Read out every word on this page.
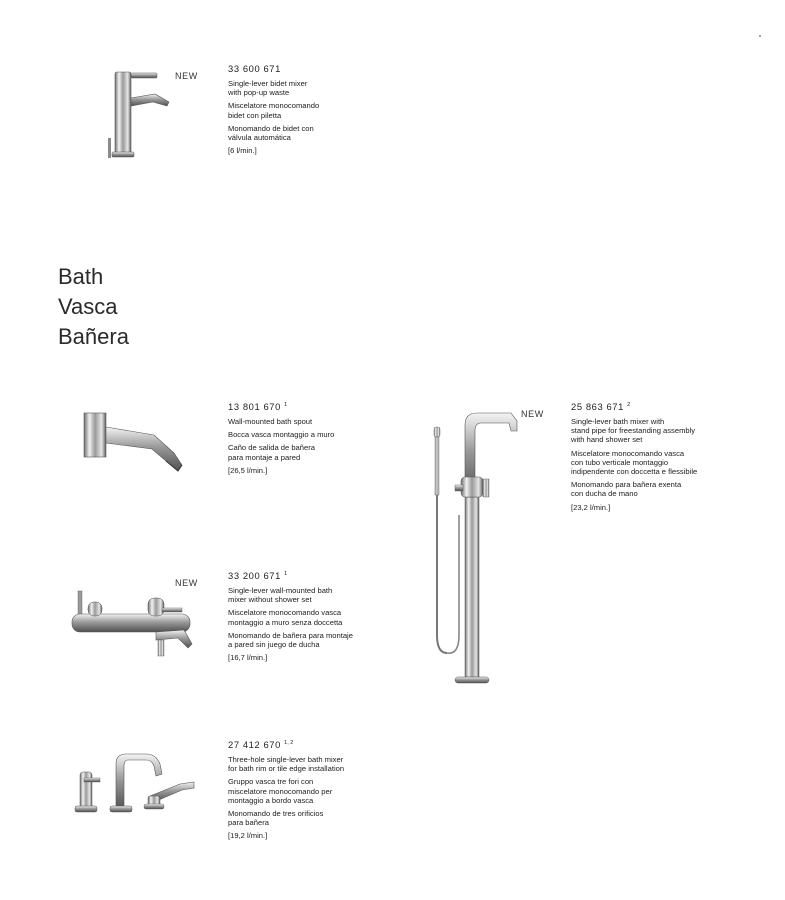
NEW
33 600 671
Single-lever bidet mixer
with pop-up waste
Miscelatore monocomando
bidet con piletta
Monomando de bidet con
válvula automática
[6 l/min.]
Bath
Vasca
Bañera
13 801 670 $^1$
Wall-mounted bath spout
Bocca vasca montaggio a muro
Caño de salida de bañera
para montaje a pared
[26,5 l/min.]
NEW
33 200 671 $^1$
Single-lever wall-mounted bath
mixer without shower set
Miscelatore monocomando vasca
montaggio a muro senza doccetta
Monomando de bañera para montaje
a pared sin juego de ducha
[16,7 l/min.]
27 412 670 $^{1, 2}$
Three-hole single-lever bath mixer
for bath rim or tile edge installation
Gruppo vasca tre fori con
miscelatore monocomando per
montaggio a bordo vasca
Monomando de tres orificios
para bañera
[19,2 l/min.]
NEW
25 863 671 $^2$
Single-lever bath mixer with
stand pipe for freestanding assembly
with hand shower set
Miscelatore monocomando vasca
con tubo verticale montaggio
indipendente con doccetta e flessibile
Monomando para bañera exenta
con ducha de mano
[23,2 l/min.]
